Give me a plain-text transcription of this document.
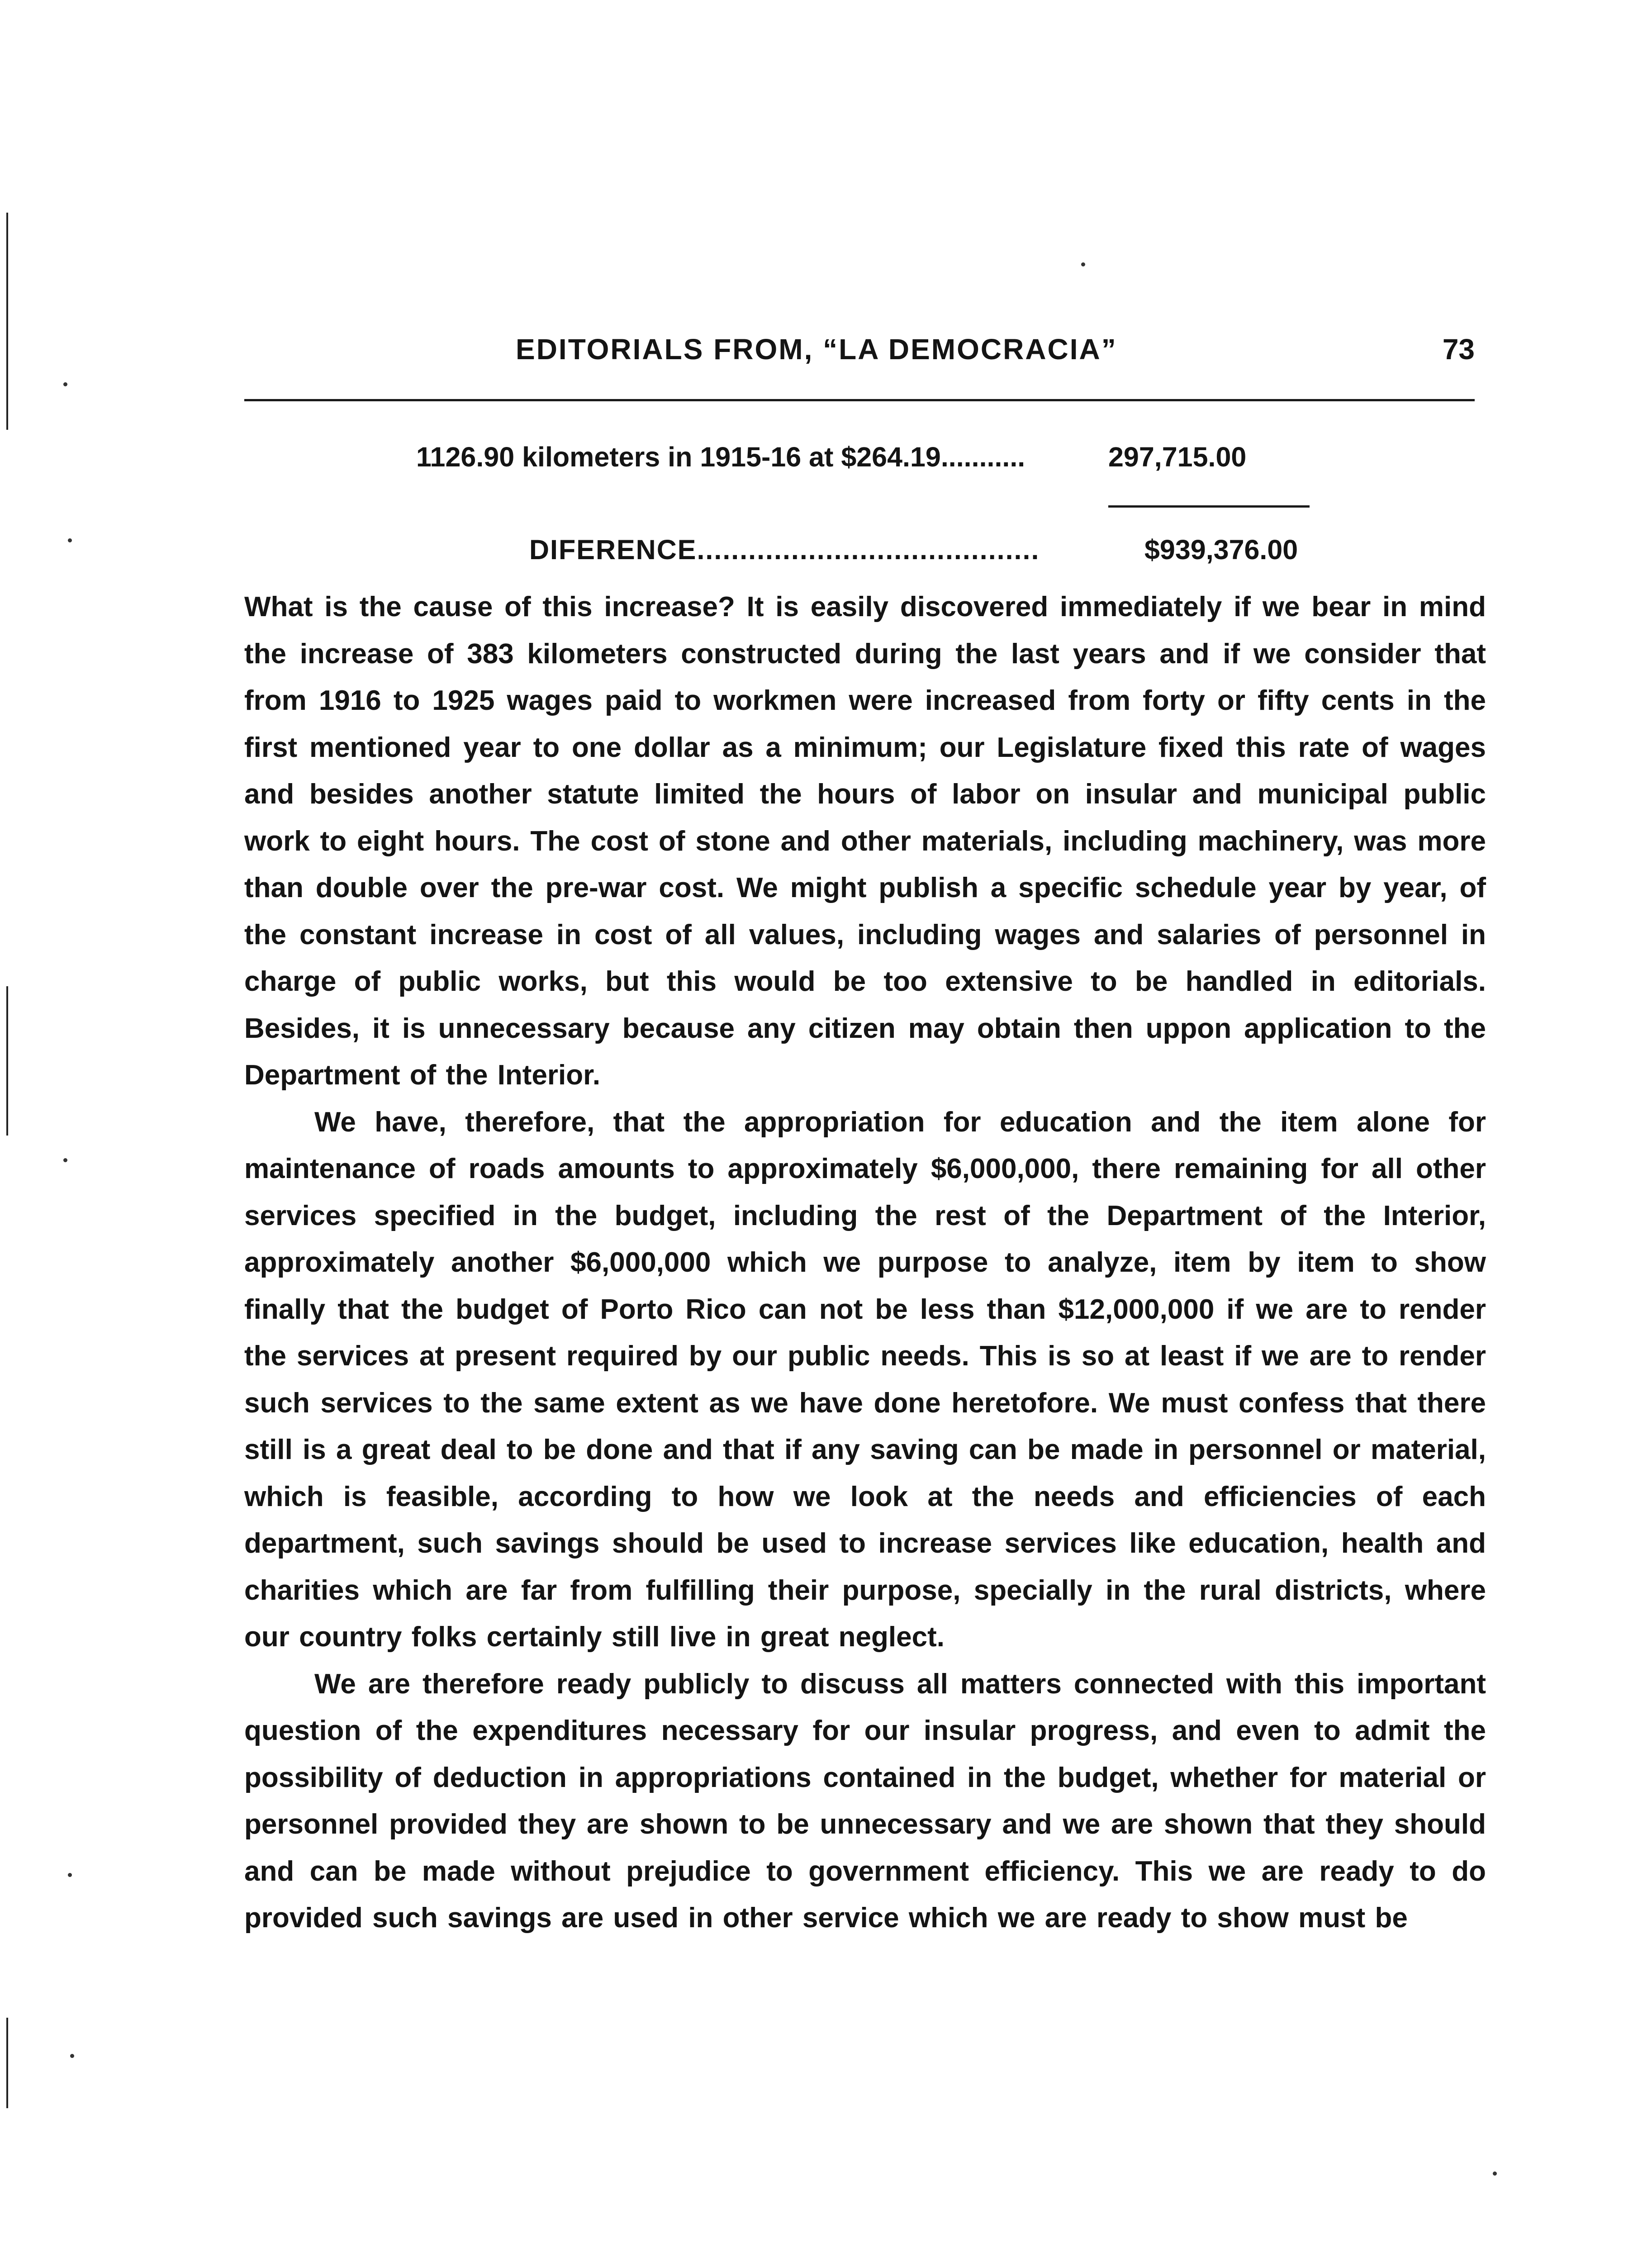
EDITORIALS FROM, “LA DEMOCRACIA”	73
1126.90 kilometers in 1915-16 at $264.19...........	297,715.00
DIFERENCE........................................	$939,376.00

What is the cause of this increase? It is easily discovered immediately if we bear in mind the increase of 383 kilometers constructed during the last years and if we consider that from 1916 to 1925 wages paid to workmen were increased from forty or fifty cents in the first mentioned year to one dollar as a minimum; our Legislature fixed this rate of wages and besides another statute limited the hours of labor on insular and municipal public work to eight hours. The cost of stone and other materials, including machinery, was more than double over the pre-war cost. We might publish a specific schedule year by year, of the constant increase in cost of all values, including wages and salaries of personnel in charge of public works, but this would be too extensive to be handled in editorials. Besides, it is unnecessary because any citizen may obtain then uppon application to the Department of the Interior.

We have, therefore, that the appropriation for education and the item alone for maintenance of roads amounts to approximately $6,000,000, there remaining for all other services specified in the budget, including the rest of the Department of the Interior, approximately another $6,000,000 which we purpose to analyze, item by item to show finally that the budget of Porto Rico can not be less than $12,000,000 if we are to render the services at present required by our public needs. This is so at least if we are to render such services to the same extent as we have done heretofore. We must confess that there still is a great deal to be done and that if any saving can be made in personnel or material, which is feasible, according to how we look at the needs and efficiencies of each department, such savings should be used to increase services like education, health and charities which are far from fulfilling their purpose, specially in the rural districts, where our country folks certainly still live in great neglect.

We are therefore ready publicly to discuss all matters connected with this important question of the expenditures necessary for our insular progress, and even to admit the possibility of deduction in appropriations contained in the budget, whether for material or personnel provided they are shown to be unnecessary and we are shown that they should and can be made without prejudice to government efficiency. This we are ready to do provided such savings are used in other service which we are ready to show must be
